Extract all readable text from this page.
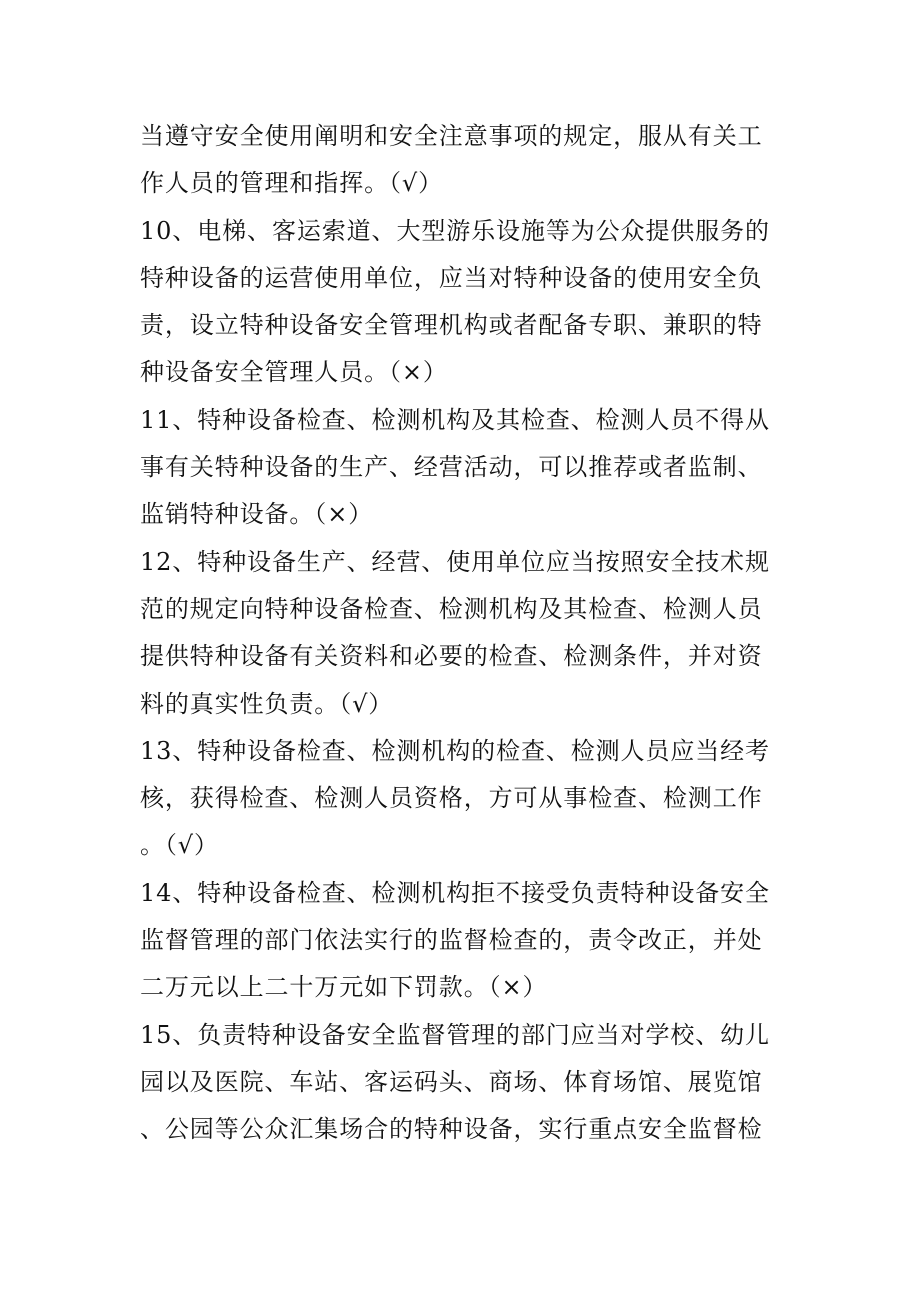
当遵守安全使用阐明和安全注意事项的规定，服从有关工
作人员的管理和指挥。（√）
10、电梯、客运索道、大型游乐设施等为公众提供服务的
特种设备的运营使用单位，应当对特种设备的使用安全负
责，设立特种设备安全管理机构或者配备专职、兼职的特
种设备安全管理人员。（×）
11、特种设备检查、检测机构及其检查、检测人员不得从
事有关特种设备的生产、经营活动，可以推荐或者监制、
监销特种设备。（×）
12、特种设备生产、经营、使用单位应当按照安全技术规
范的规定向特种设备检查、检测机构及其检查、检测人员
提供特种设备有关资料和必要的检查、检测条件，并对资
料的真实性负责。（√）
13、特种设备检查、检测机构的检查、检测人员应当经考
核，获得检查、检测人员资格，方可从事检查、检测工作
。（√）
14、特种设备检查、检测机构拒不接受负责特种设备安全
监督管理的部门依法实行的监督检查的，责令改正，并处
二万元以上二十万元如下罚款。（×）
15、负责特种设备安全监督管理的部门应当对学校、幼儿
园以及医院、车站、客运码头、商场、体育场馆、展览馆
、公园等公众汇集场合的特种设备，实行重点安全监督检
